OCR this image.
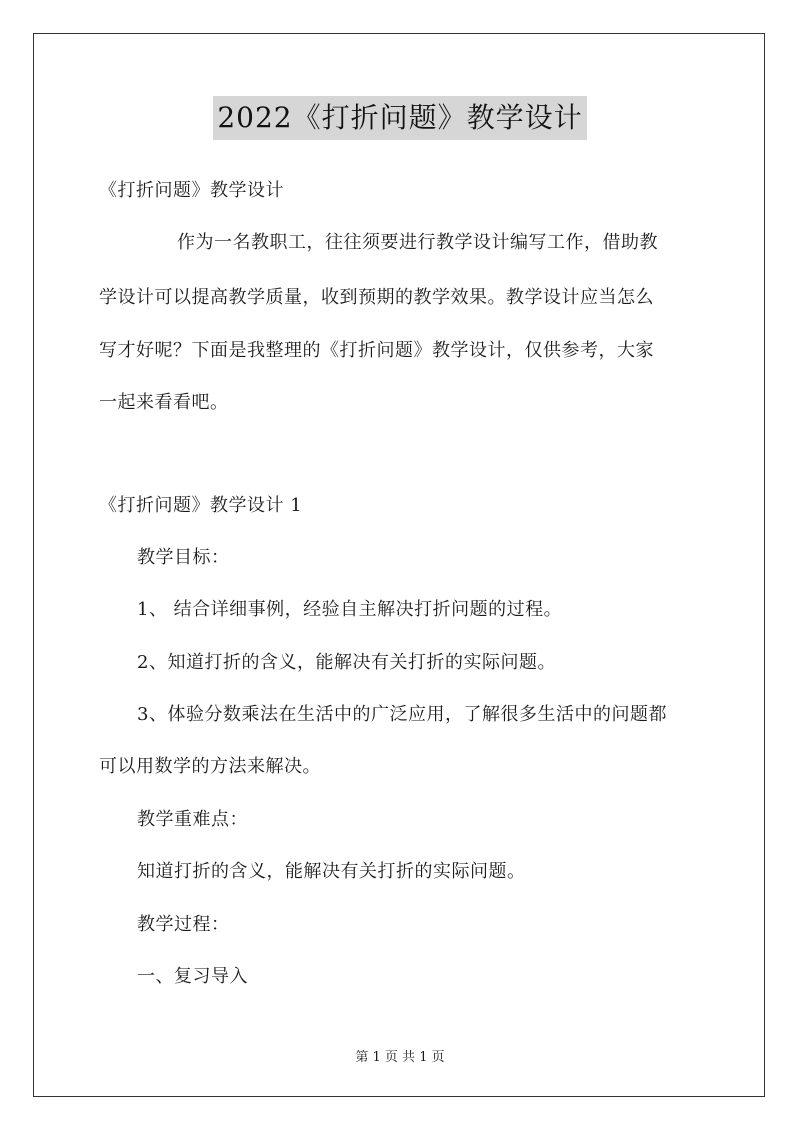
2022《打折问题》教学设计
《打折问题》教学设计
作为一名教职工，往往须要进行教学设计编写工作，借助教
学设计可以提高教学质量，收到预期的教学效果。教学设计应当怎么
写才好呢？下面是我整理的《打折问题》教学设计，仅供参考，大家
一起来看看吧。
《打折问题》教学设计 1
教学目标：
1、 结合详细事例，经验自主解决打折问题的过程。
2、知道打折的含义，能解决有关打折的实际问题。
3、体验分数乘法在生活中的广泛应用，了解很多生活中的问题都
可以用数学的方法来解决。
教学重难点：
知道打折的含义，能解决有关打折的实际问题。
教学过程：
一、复习导入
第 1 页 共 1 页
